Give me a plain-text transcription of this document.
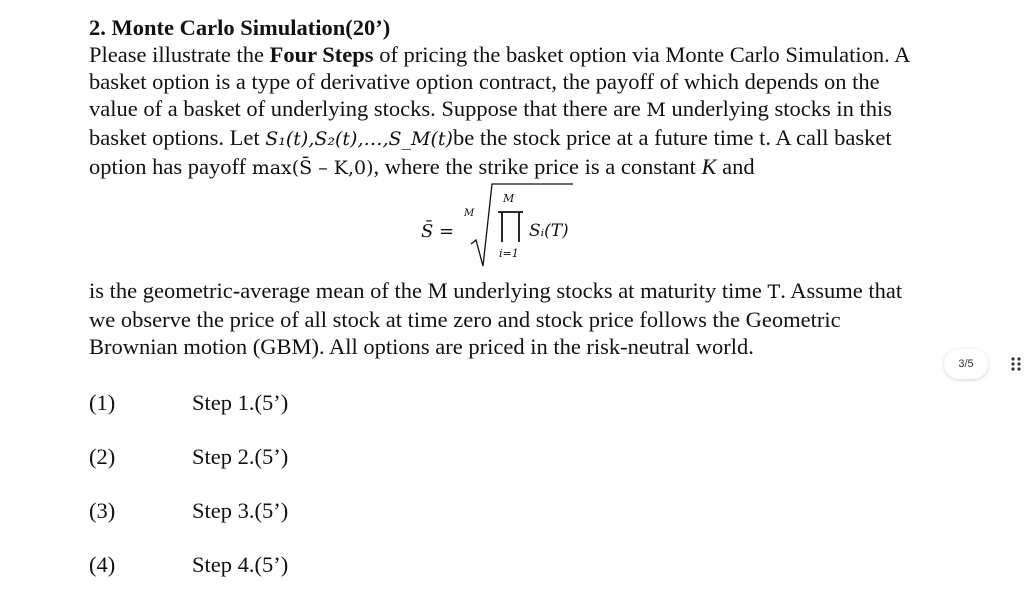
2. Monte Carlo Simulation(20’)

Please illustrate the Four Steps of pricing the basket option via Monte Carlo Simulation. A basket option is a type of derivative option contract, the payoff of which depends on the value of a basket of underlying stocks. Suppose that there are M underlying stocks in this basket options. Let S₁(t),S₂(t),…,S_M(t)be the stock price at a future time t. A call basket option has payoff max(S̄ – K,0), where the strike price is a constant K and

S̄ =
M
M
i=1
Sᵢ(T)

is the geometric-average mean of the M underlying stocks at maturity time T. Assume that we observe the price of all stock at time zero and stock price follows the Geometric Brownian motion (GBM). All options are priced in the risk-neutral world.

(1)	Step 1.(5’)
(2)	Step 2.(5’)
(3)	Step 3.(5’)
(4)	Step 4.(5’)
3/5
